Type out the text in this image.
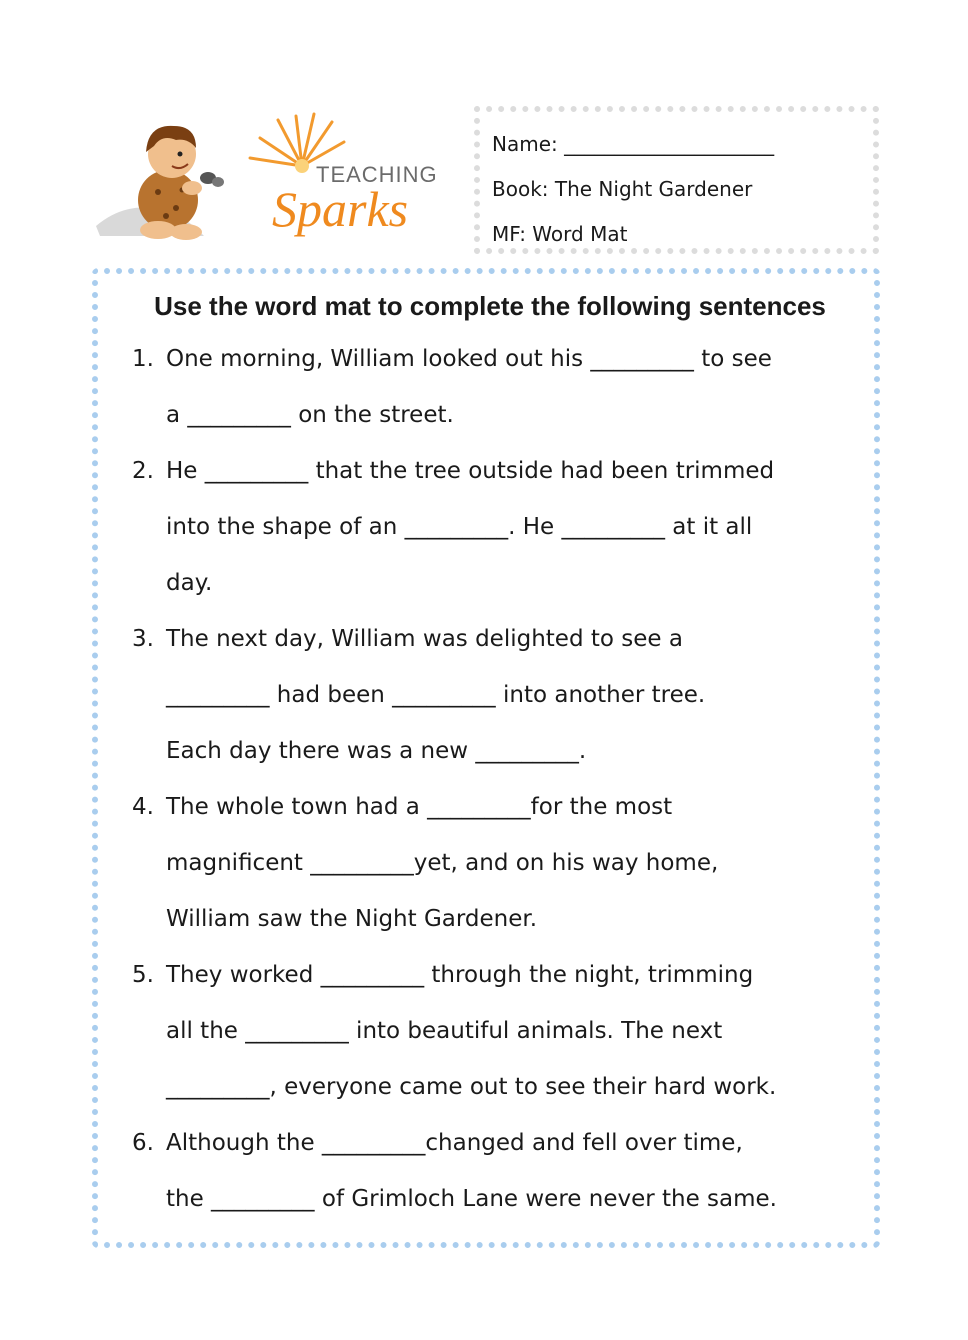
TEACHING
Sparks
Name: _____________________
Book: The Night Gardener
MF: Word Mat
Use the word mat to complete the following sentences
1. One morning, William looked out his _________ to see
a _________ on the street.
2. He _________ that the tree outside had been trimmed
into the shape of an _________. He _________ at it all
day.
3. The next day, William was delighted to see a
_________ had been _________ into another tree.
Each day there was a new _________.
4. The whole town had a _________for the most
magnificent _________yet, and on his way home,
William saw the Night Gardener.
5. They worked _________ through the night, trimming
all the _________ into beautiful animals. The next
_________, everyone came out to see their hard work.
6. Although the _________changed and fell over time,
the _________ of Grimloch Lane were never the same.
